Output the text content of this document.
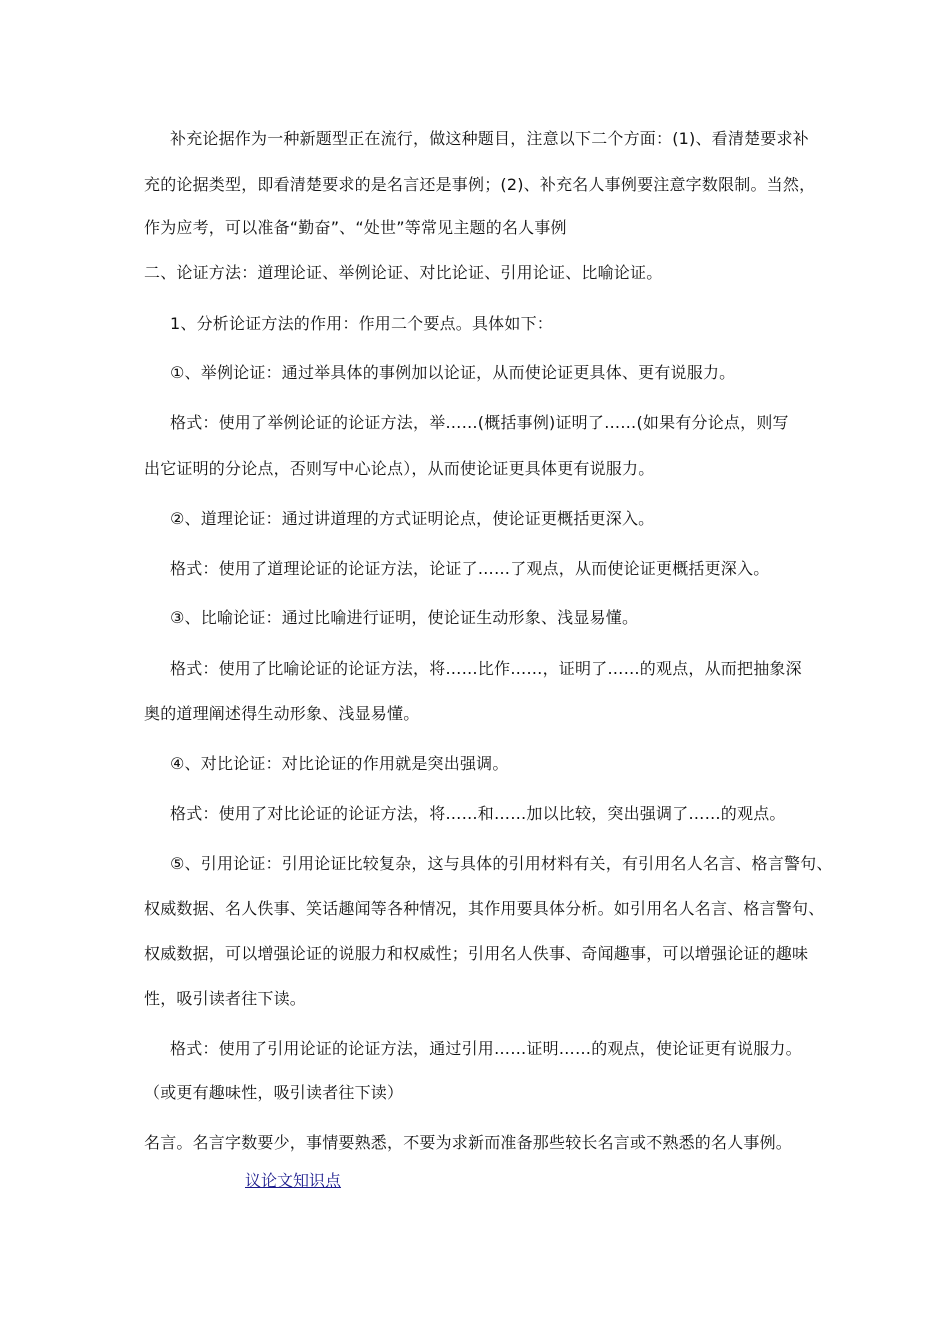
补充论据作为一种新题型正在流行，做这种题目，注意以下二个方面：(1)、看清楚要求补
充的论据类型，即看清楚要求的是名言还是事例；(2)、补充名人事例要注意字数限制。当然，
作为应考，可以准备“勤奋”、“处世”等常见主题的名人事例
二、论证方法：道理论证、举例论证、对比论证、引用论证、比喻论证。
1、分析论证方法的作用：作用二个要点。具体如下：
①、举例论证：通过举具体的事例加以论证，从而使论证更具体、更有说服力。
格式：使用了举例论证的论证方法，举……(概括事例)证明了……(如果有分论点，则写
出它证明的分论点，否则写中心论点），从而使论证更具体更有说服力。
②、道理论证：通过讲道理的方式证明论点，使论证更概括更深入。
格式：使用了道理论证的论证方法，论证了……了观点，从而使论证更概括更深入。
③、比喻论证：通过比喻进行证明，使论证生动形象、浅显易懂。
格式：使用了比喻论证的论证方法，将……比作……，证明了……的观点，从而把抽象深
奥的道理阐述得生动形象、浅显易懂。
④、对比论证：对比论证的作用就是突出强调。
格式：使用了对比论证的论证方法，将……和……加以比较，突出强调了……的观点。
⑤、引用论证：引用论证比较复杂，这与具体的引用材料有关，有引用名人名言、格言警句、
权威数据、名人佚事、笑话趣闻等各种情况，其作用要具体分析。如引用名人名言、格言警句、
权威数据，可以增强论证的说服力和权威性；引用名人佚事、奇闻趣事，可以增强论证的趣味
性，吸引读者往下读。
格式：使用了引用论证的论证方法，通过引用……证明……的观点，使论证更有说服力。
（或更有趣味性，吸引读者往下读）
名言。名言字数要少，事情要熟悉，不要为求新而准备那些较长名言或不熟悉的名人事例。
议论文知识点
